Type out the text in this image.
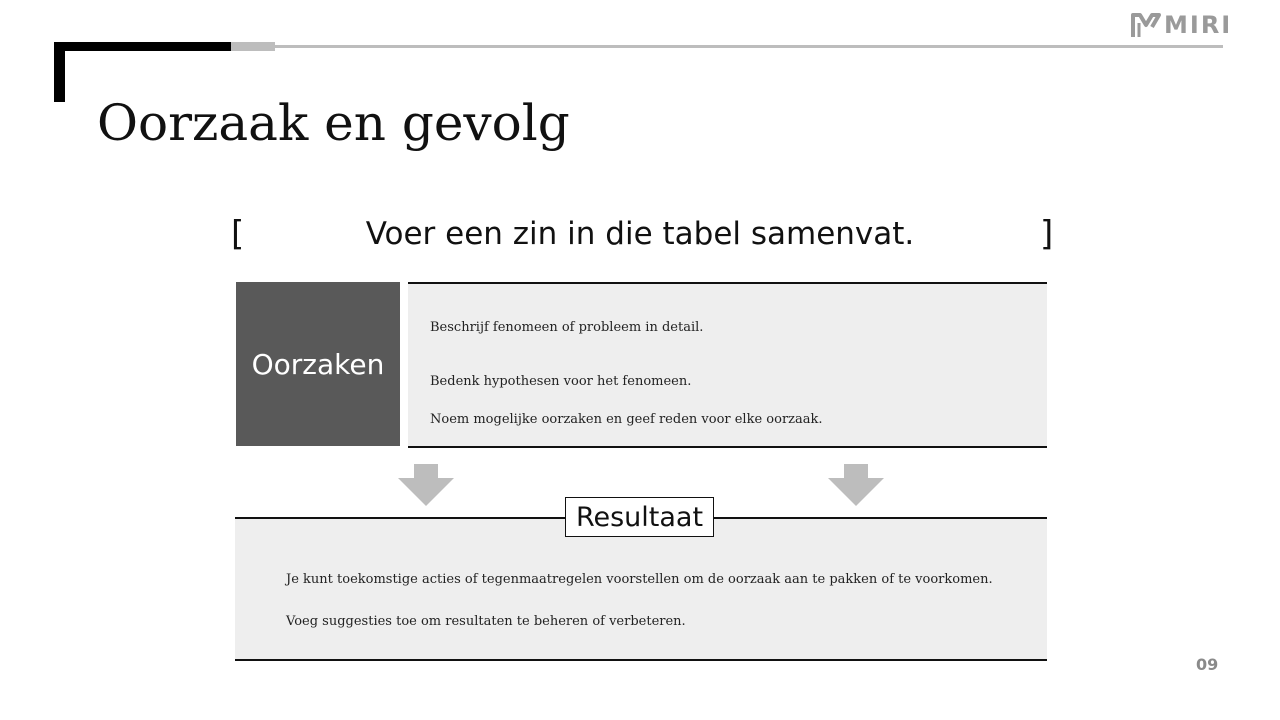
MIRI
Oorzaak en gevolg
[	Voer een zin in die tabel samenvat.	]
Oorzaken
Beschrijf fenomeen of probleem in detail.
Bedenk hypothesen voor het fenomeen.
Noem mogelijke oorzaken en geef reden voor elke oorzaak.
Je kunt toekomstige acties of tegenmaatregelen voorstellen om de oorzaak aan te pakken of te voorkomen.
Voeg suggesties toe om resultaten te beheren of verbeteren.
Resultaat
09
